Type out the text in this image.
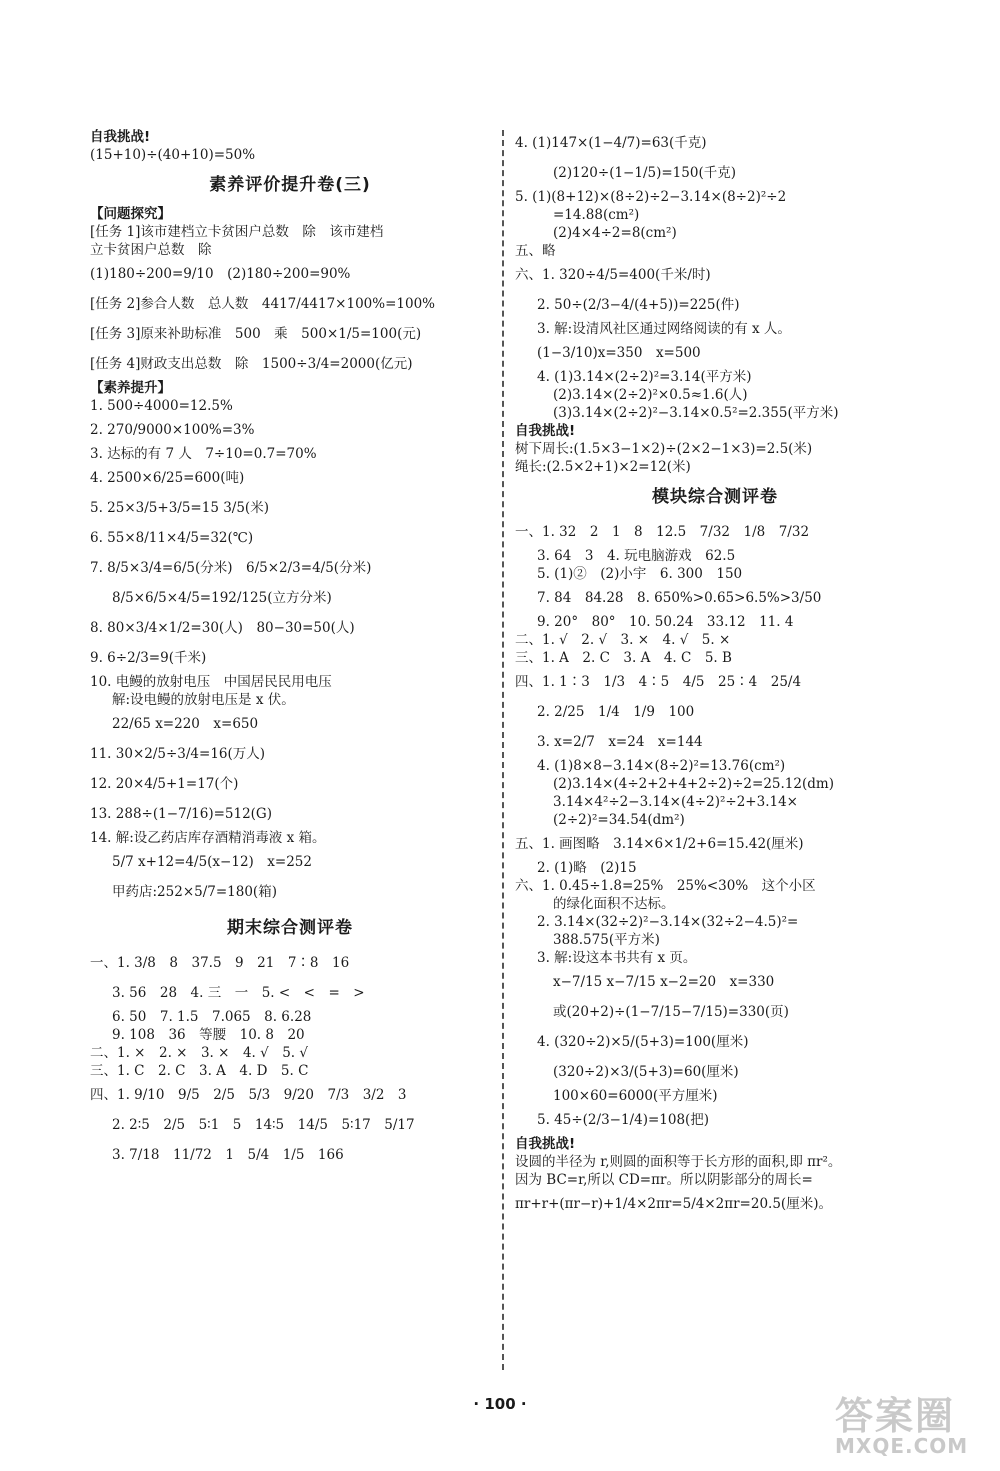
自我挑战!
(15+10)÷(40+10)=50%
素养评价提升卷(三)
【问题探究】
[任务 1]该市建档立卡贫困户总数　除　该市建档
立卡贫困户总数　除
(1)180÷200=9/10　(2)180÷200=90%
[任务 2]参合人数　总人数　4417/4417×100%=100%
[任务 3]原来补助标准　500　乘　500×1/5=100(元)
[任务 4]财政支出总数　除　1500÷3/4=2000(亿元)
【素养提升】
1. 500÷4000=12.5%
2. 270/9000×100%=3%
3. 达标的有 7 人　7÷10=0.7=70%
4. 2500×6/25=600(吨)
5. 25×3/5+3/5=15 3/5(米)
6. 55×8/11×4/5=32(℃)
7. 8/5×3/4=6/5(分米)　6/5×2/3=4/5(分米)
8/5×6/5×4/5=192/125(立方分米)
8. 80×3/4×1/2=30(人)　80−30=50(人)
9. 6÷2/3=9(千米)
10. 电鳗的放射电压　中国居民民用电压
解:设电鳗的放射电压是 x 伏。
22/65 x=220　x=650
11. 30×2/5÷3/4=16(万人)
12. 20×4/5+1=17(个)
13. 288÷(1−7/16)=512(G)
14. 解:设乙药店库存酒精消毒液 x 箱。
5/7 x+12=4/5(x−12)　x=252
甲药店:252×5/7=180(箱)
期末综合测评卷
一、1. 3/8　8　37.5　9　21　7∶8　16
3. 56　28　4. 三　一　5. <　<　=　>
6. 50　7. 1.5　7.065　8. 6.28
9. 108　36　等腰　10. 8　20
二、1. ×　2. ×　3. ×　4. √　5. √
三、1. C　2. C　3. A　4. D　5. C
四、1. 9/10　9/5　2/5　5/3　9/20　7/3　3/2　3
2. 2∶5　2/5　5∶1　5　14∶5　14/5　5∶17　5/17
3. 7/18　11/72　1　5/4　1/5　166
4. (1)147×(1−4/7)=63(千克)
(2)120÷(1−1/5)=150(千克)
5. (1)(8+12)×(8÷2)÷2−3.14×(8÷2)²÷2
=14.88(cm²)
(2)4×4÷2=8(cm²)
五、略
六、1. 320÷4/5=400(千米/时)
2. 50÷(2/3−4/(4+5))=225(件)
3. 解:设清风社区通过网络阅读的有 x 人。
(1−3/10)x=350　x=500
4. (1)3.14×(2÷2)²=3.14(平方米)
(2)3.14×(2÷2)²×0.5≈1.6(人)
(3)3.14×(2÷2)²−3.14×0.5²=2.355(平方米)
自我挑战!
树下周长:(1.5×3−1×2)÷(2×2−1×3)=2.5(米)
绳长:(2.5×2+1)×2=12(米)
模块综合测评卷
一、1. 32　2　1　8　12.5　7/32　1/8　7/32
3. 64　3　4. 玩电脑游戏　62.5
5. (1)②　(2)小宇　6. 300　150
7. 84　84.28　8. 650%>0.65>6.5%>3/50
9. 20°　80°　10. 50.24　33.12　11. 4
二、1. √　2. √　3. ×　4. √　5. ×
三、1. A　2. C　3. A　4. C　5. B
四、1. 1∶3　1/3　4∶5　4/5　25∶4　25/4
2. 2/25　1/4　1/9　100
3. x=2/7　x=24　x=144
4. (1)8×8−3.14×(8÷2)²=13.76(cm²)
(2)3.14×(4÷2+2+4+2÷2)÷2=25.12(dm)
3.14×4²÷2−3.14×(4÷2)²÷2+3.14×
(2÷2)²=34.54(dm²)
五、1. 画图略　3.14×6×1/2+6=15.42(厘米)
2. (1)略　(2)15
六、1. 0.45÷1.8=25%　25%<30%　这个小区
的绿化面积不达标。
2. 3.14×(32÷2)²−3.14×(32÷2−4.5)²=
388.575(平方米)
3. 解:设这本书共有 x 页。
x−7/15 x−7/15 x−2=20　x=330
或(20+2)÷(1−7/15−7/15)=330(页)
4. (320÷2)×5/(5+3)=100(厘米)
(320÷2)×3/(5+3)=60(厘米)
100×60=6000(平方厘米)
5. 45÷(2/3−1/4)=108(把)
自我挑战!
设圆的半径为 r,则圆的面积等于长方形的面积,即 πr²。
因为 BC=r,所以 CD=πr。所以阴影部分的周长=
πr+r+(πr−r)+1/4×2πr=5/4×2πr=20.5(厘米)。
· 100 ·	答案圈
MXQE.COM
